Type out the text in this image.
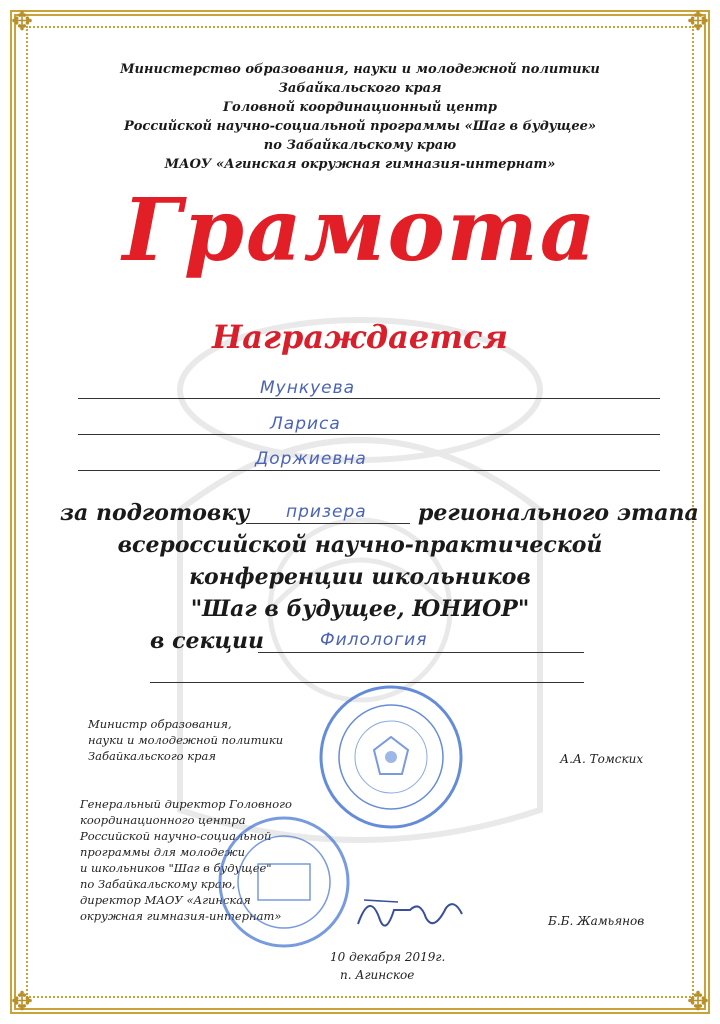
✥	✥
✥	✥
Министерство образования, науки и молодежной политики
Забайкальского края
Головной координационный центр
Российской научно-социальной программы «Шаг в будущее»
по Забайкальскому краю
МАОУ «Агинская окружная гимназия-интернат»
Грамота
Награждается
Мункуева
Лариса
Доржиевна
за подготовку призера регионального этапа
всероссийской научно-практической
конференции школьников
"Шаг в будущее, ЮНИОР"
в секции	Филология
Министр образования,
науки и молодежной политики
Забайкальского края	А.А. Томских
Генеральный директор Головного
координационного центра
Российской научно-социальной
программы для молодежи
и школьников "Шаг в будущее"
по Забайкальскому краю,
директор МАОУ «Агинская
окружная гимназия-интернат»	Б.Б. Жамьянов
10 декабря 2019г.
п. Агинское
